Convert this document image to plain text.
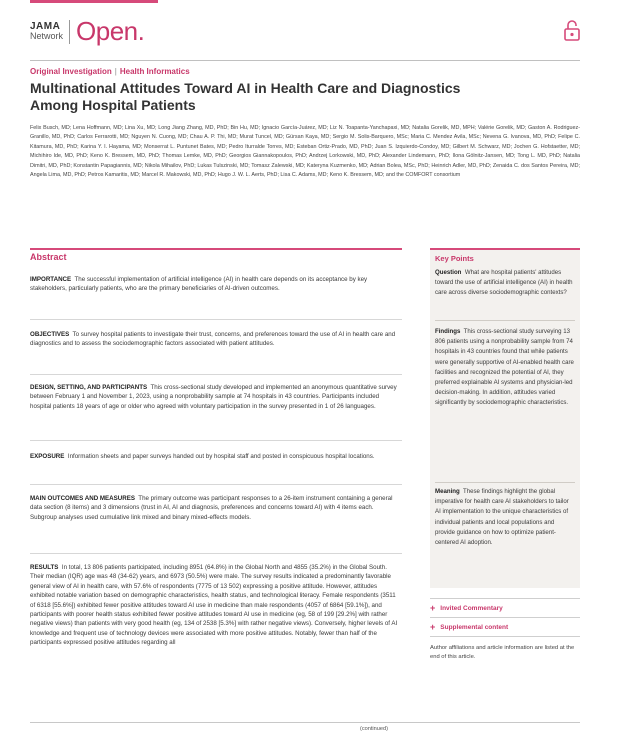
JAMA
Network Open.
Original Investigation | Health Informatics
Multinational Attitudes Toward AI in Health Care and Diagnostics Among Hospital Patients

Felix Busch, MD; Lena Hoffmann, MD; Lina Xu, MD; Long Jiang Zhang, MD, PhD; Bin Hu, MD; Ignacio García-Juárez, MD; Liz N. Toapanta-Yanchapaxi, MD; Natalia Gorelik, MD, MPH; Valérie Gorelik, MD; Gaston A. Rodriguez-Granillo, MD, PhD; Carlos Ferrarotti, MD; Nguyen N. Cuong, MD; Chau A. P. Thi, MD; Murat Tuncel, MD; Gürsan Kaya, MD; Sergio M. Solis-Barquero, MSc; Maria C. Mendez Avila, MSc; Nevena G. Ivanova, MD, PhD; Felipe C. Kitamura, MD, PhD; Karina Y. I. Hayama, MD; Monserrat L. Puntunet Bates, MD; Pedro Iturralde Torres, MD; Esteban Ortiz-Prado, MD, PhD; Juan S. Izquierdo-Condoy, MD; Gilbert M. Schwarz, MD; Jochen G. Hofstaetter, MD; Michihiro Ide, MD, PhD; Keno K. Bressem, MD, PhD; Thomas Lemke, MD, PhD; Georgios Giannakopoulos, PhD; Andrzej Lorkowski, MD, PhD; Alexander Lindemann, PhD; Ilona Gölnitz-Jansen, MD; Tong L. MD, PhD; Natalia Dimitri, MD, PhD; Konstantin Papagiannis, MD; Nikola Mihailov, PhD; Lukas Tulszinski, MD; Tomasz Zalewski, MD; Kateryna Kuzmenko, MD; Adrian Bolea, MSc, PhD; Heinrich Adler, MD, PhD; Zenaida C. dos Santos Pereira, MD; Angela Lima, MD, PhD; Petros Kamaritis, MD; Marcel R. Makowski, MD, PhD; Hugo J. W. L. Aerts, PhD; Lisa C. Adams, MD; Keno K. Bressem, MD; and the COMFORT consortium

Abstract

IMPORTANCE The successful implementation of artificial intelligence (AI) in health care depends on its acceptance by key stakeholders, particularly patients, who are the primary beneficiaries of AI-driven outcomes.

OBJECTIVES To survey hospital patients to investigate their trust, concerns, and preferences toward the use of AI in health care and diagnostics and to assess the sociodemographic factors associated with patient attitudes.

DESIGN, SETTING, AND PARTICIPANTS This cross-sectional study developed and implemented an anonymous quantitative survey between February 1 and November 1, 2023, using a nonprobability sample at 74 hospitals in 43 countries. Participants included hospital patients 18 years of age or older who agreed with voluntary participation in the survey presented in 1 of 26 languages.

EXPOSURE Information sheets and paper surveys handed out by hospital staff and posted in conspicuous hospital locations.

MAIN OUTCOMES AND MEASURES The primary outcome was participant responses to a 26-item instrument containing a general data section (8 items) and 3 dimensions (trust in AI, AI and diagnosis, preferences and concerns toward AI) with 4 items each. Subgroup analyses used cumulative link mixed and binary mixed-effects models.

RESULTS In total, 13 806 patients participated, including 8951 (64.8%) in the Global North and 4855 (35.2%) in the Global South. Their median (IQR) age was 48 (34-62) years, and 6973 (50.5%) were male. The survey results indicated a predominantly favorable general view of AI in health care, with 57.6% of respondents (7775 of 13 502) expressing a positive attitude. However, attitudes exhibited notable variation based on demographic characteristics, health status, and technological literacy. Female respondents (3511 of 6318 [55.6%]) exhibited fewer positive attitudes toward AI use in medicine than male respondents (4057 of 6864 [59.1%]), and participants with poorer health status exhibited fewer positive attitudes toward AI use in medicine (eg, 58 of 199 [29.2%] with rather negative views) than patients with very good health (eg, 134 of 2538 [5.3%] with rather negative views). Conversely, higher levels of AI knowledge and frequent use of technology devices were associated with more positive attitudes. Notably, fewer than half of the participants expressed positive attitudes regarding all

Key Points

Question What are hospital patients' attitudes toward the use of artificial intelligence (AI) in health care across diverse sociodemographic contexts?

Findings This cross-sectional study surveying 13 806 patients using a nonprobability sample from 74 hospitals in 43 countries found that while patients were generally supportive of AI-enabled health care facilities and recognized the potential of AI, they preferred explainable AI systems and physician-led decision-making. In addition, attitudes varied significantly by sociodemographic characteristics.

Meaning These findings highlight the global imperative for health care AI stakeholders to tailor AI implementation to the unique characteristics of individual patients and local populations and provide guidance on how to optimize patient-centered AI adoption.

+ Invited Commentary
+ Supplemental content

Author affiliations and article information are listed at the end of this article.

(continued)
